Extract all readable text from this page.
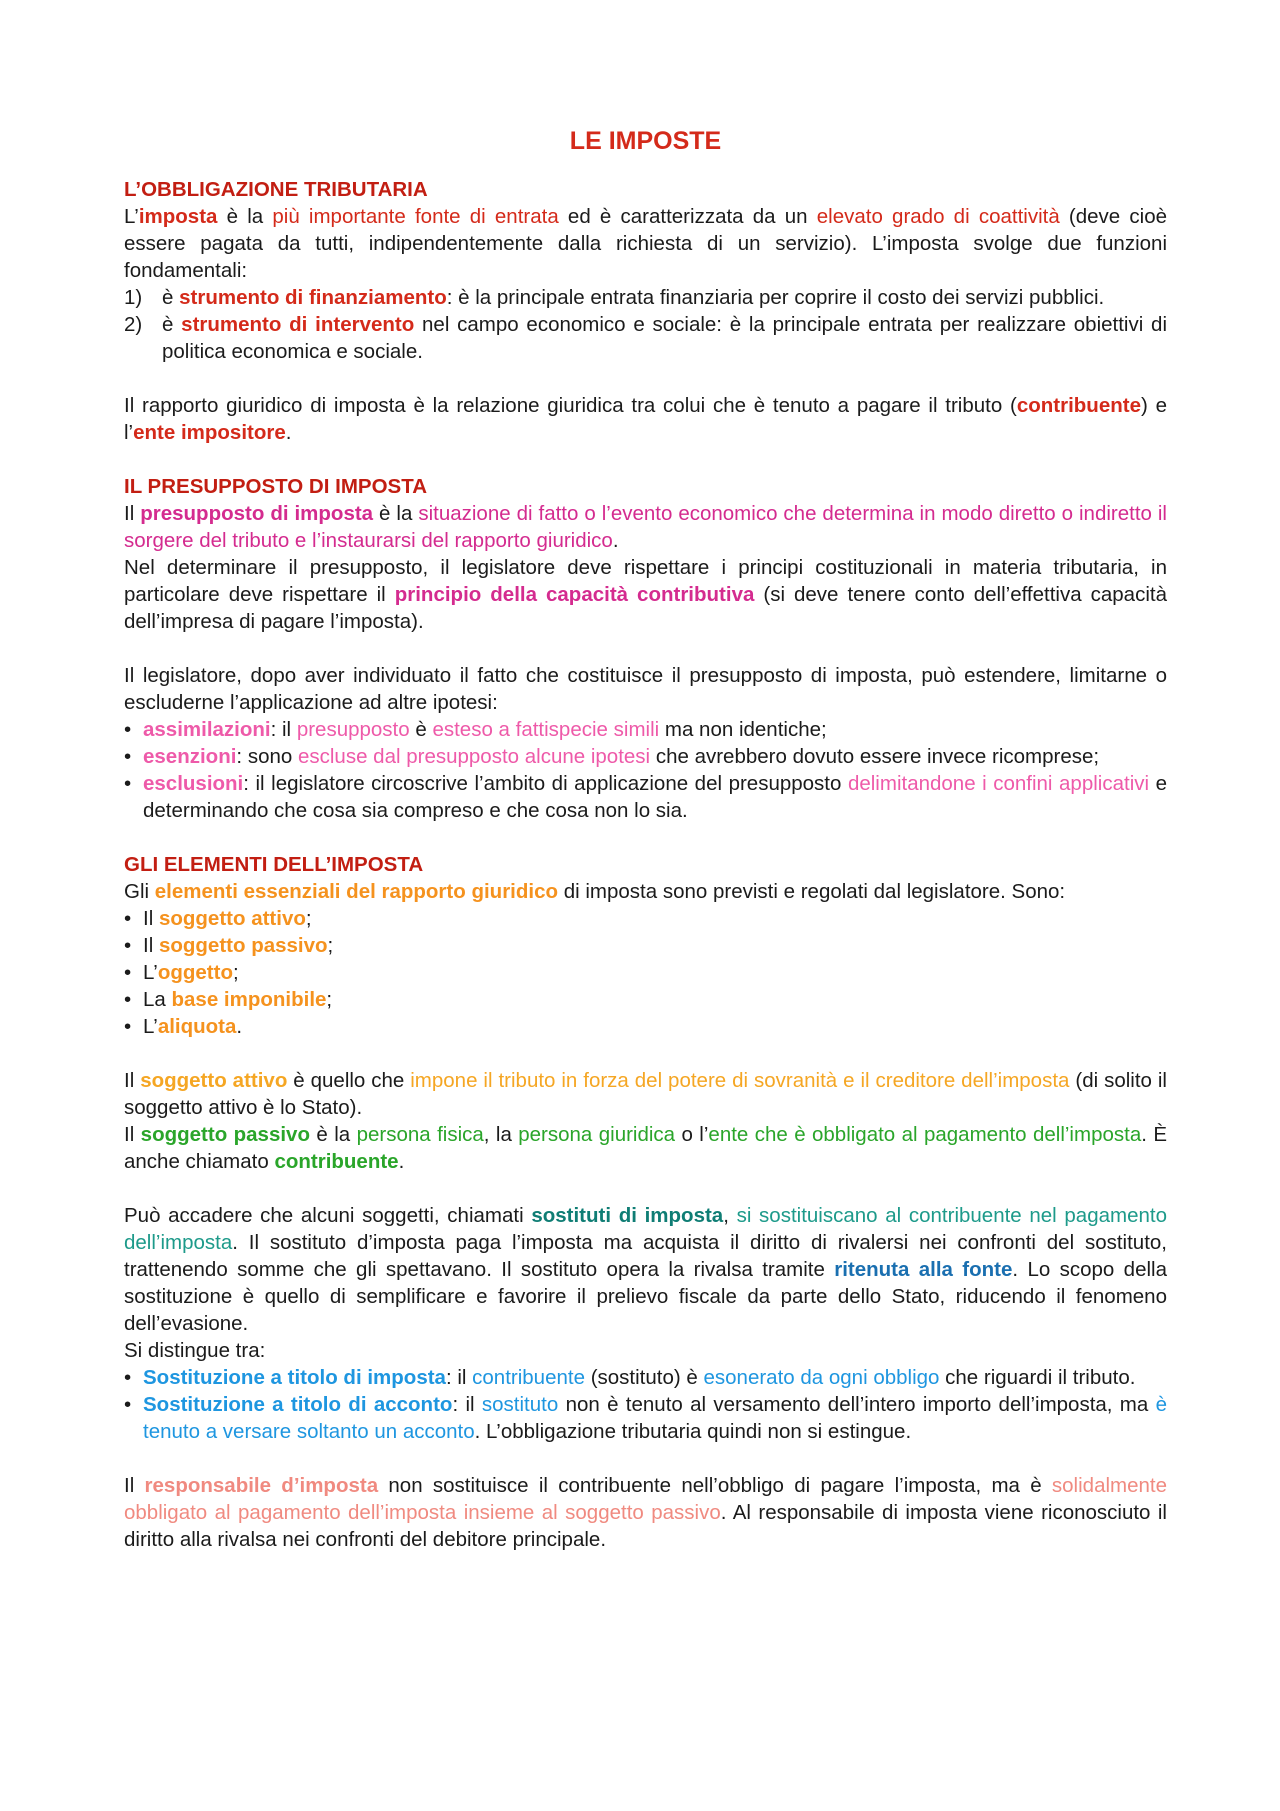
LE IMPOSTE
L’OBBLIGAZIONE TRIBUTARIA

L’imposta è la più importante fonte di entrata ed è caratterizzata da un elevato grado di coattività (deve cioè essere pagata da tutti, indipendentemente dalla richiesta di un servizio). L’imposta svolge due funzioni fondamentali:

1) è strumento di finanziamento: è la principale entrata finanziaria per coprire il costo dei servizi pubblici.
2) è strumento di intervento nel campo economico e sociale: è la principale entrata per realizzare obiettivi di politica economica e sociale.

Il rapporto giuridico di imposta è la relazione giuridica tra colui che è tenuto a pagare il tributo (contribuente) e l’ente impositore.

IL PRESUPPOSTO DI IMPOSTA

Il presupposto di imposta è la situazione di fatto o l’evento economico che determina in modo diretto o indiretto il sorgere del tributo e l’instaurarsi del rapporto giuridico.

Nel determinare il presupposto, il legislatore deve rispettare i principi costituzionali in materia tributaria, in particolare deve rispettare il principio della capacità contributiva (si deve tenere conto dell’effettiva capacità dell’impresa di pagare l’imposta).

Il legislatore, dopo aver individuato il fatto che costituisce il presupposto di imposta, può estendere, limitarne o escluderne l’applicazione ad altre ipotesi:

• assimilazioni: il presupposto è esteso a fattispecie simili ma non identiche;
• esenzioni: sono escluse dal presupposto alcune ipotesi che avrebbero dovuto essere invece ricomprese;
• esclusioni: il legislatore circoscrive l’ambito di applicazione del presupposto delimitandone i confini applicativi e determinando che cosa sia compreso e che cosa non lo sia.
GLI ELEMENTI DELL’IMPOSTA

Gli elementi essenziali del rapporto giuridico di imposta sono previsti e regolati dal legislatore. Sono:

• Il soggetto attivo;
• Il soggetto passivo;
• L’oggetto;
• La base imponibile;
• L’aliquota.

Il soggetto attivo è quello che impone il tributo in forza del potere di sovranità e il creditore dell’imposta (di solito il soggetto attivo è lo Stato).

Il soggetto passivo è la persona fisica, la persona giuridica o l’ente che è obbligato al pagamento dell’imposta. È anche chiamato contribuente.

Può accadere che alcuni soggetti, chiamati sostituti di imposta, si sostituiscano al contribuente nel pagamento dell’imposta. Il sostituto d’imposta paga l’imposta ma acquista il diritto di rivalersi nei confronti del sostituto, trattenendo somme che gli spettavano. Il sostituto opera la rivalsa tramite ritenuta alla fonte. Lo scopo della sostituzione è quello di semplificare e favorire il prelievo fiscale da parte dello Stato, riducendo il fenomeno dell’evasione.

Si distingue tra:

• Sostituzione a titolo di imposta: il contribuente (sostituto) è esonerato da ogni obbligo che riguardi il tributo.
• Sostituzione a titolo di acconto: il sostituto non è tenuto al versamento dell’intero importo dell’imposta, ma è tenuto a versare soltanto un acconto. L’obbligazione tributaria quindi non si estingue.

Il responsabile d’imposta non sostituisce il contribuente nell’obbligo di pagare l’imposta, ma è solidalmente obbligato al pagamento dell’imposta insieme al soggetto passivo. Al responsabile di imposta viene riconosciuto il diritto alla rivalsa nei confronti del debitore principale.
